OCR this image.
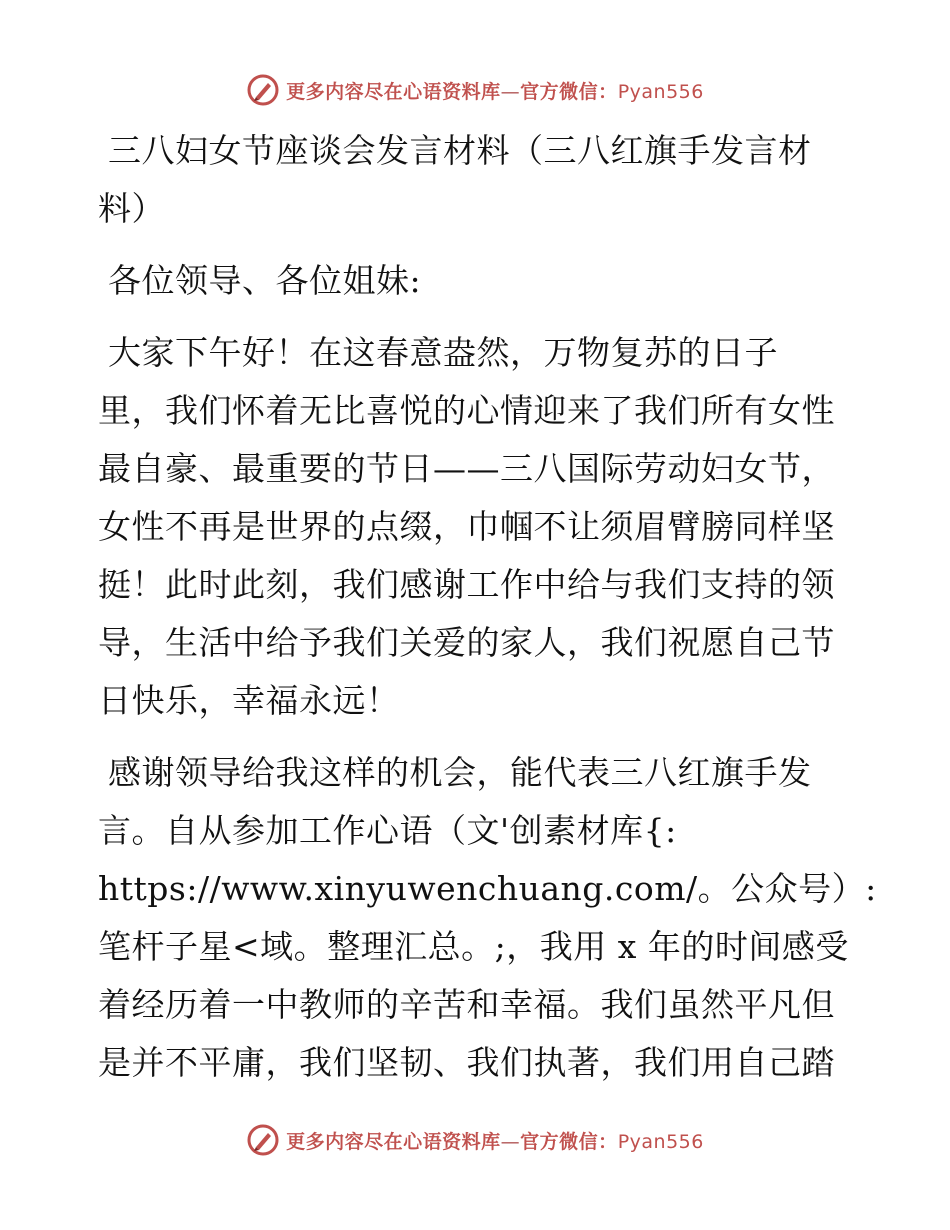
更多内容尽在心语资料库—官方微信：Pyan556
三八妇女节座谈会发言材料（三八红旗手发言材
料）
各位领导、各位姐妹:
大家下午好！在这春意盎然，万物复苏的日子
里，我们怀着无比喜悦的心情迎来了我们所有女性
最自豪、最重要的节日——三八国际劳动妇女节，
女性不再是世界的点缀，巾帼不让须眉臂膀同样坚
挺！此时此刻，我们感谢工作中给与我们支持的领
导，生活中给予我们关爱的家人，我们祝愿自己节
日快乐，幸福永远！
感谢领导给我这样的机会，能代表三八红旗手发
言。自从参加工作心语（文'创素材库{:
https://www.xinyuwenchuang.com/。公众号）:
笔杆子星<域。整理汇总。;，我用 x 年的时间感受
着经历着一中教师的辛苦和幸福。我们虽然平凡但
是并不平庸，我们坚韧、我们执著，我们用自己踏
更多内容尽在心语资料库—官方微信：Pyan556
